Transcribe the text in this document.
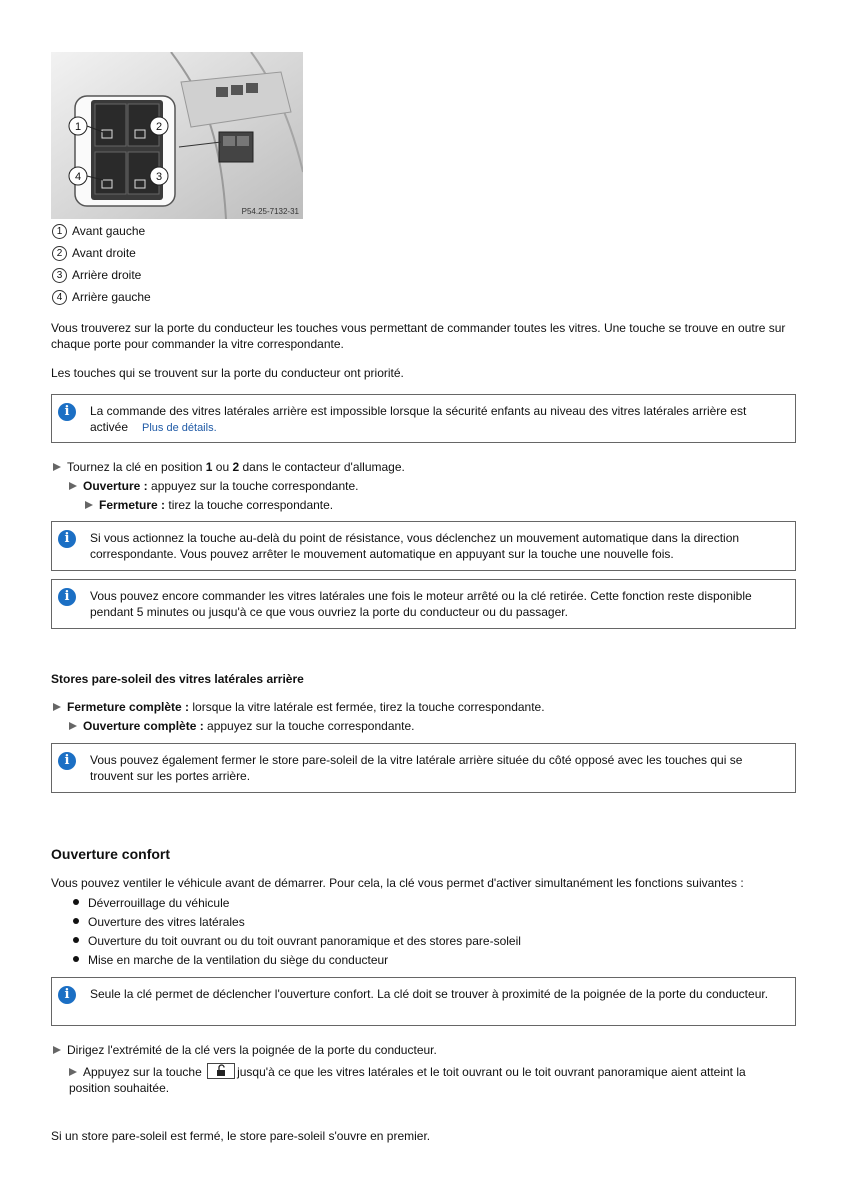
1	2
3
4
P54.25-7132-31
1 Avant gauche
2 Avant droite
3 Arrière droite
4 Arrière gauche
Vous trouverez sur la porte du conducteur les touches vous permettant de commander toutes les vitres. Une touche se trouve en outre sur chaque porte pour commander la vitre correspondante.
Les touches qui se trouvent sur la porte du conducteur ont priorité.
i	La commande des vitres latérales arrière est impossible lorsque la sécurité enfants au niveau des vitres latérales arrière est activée Plus de détails.
Tournez la clé en position 1 ou 2 dans le contacteur d'allumage.
Ouverture : appuyez sur la touche correspondante.
Fermeture : tirez la touche correspondante.
i	Si vous actionnez la touche au-delà du point de résistance, vous déclenchez un mouvement automatique dans la direction correspondante. Vous pouvez arrêter le mouvement automatique en appuyant sur la touche une nouvelle fois.
i	Vous pouvez encore commander les vitres latérales une fois le moteur arrêté ou la clé retirée. Cette fonction reste disponible pendant 5 minutes ou jusqu'à ce que vous ouvriez la porte du conducteur ou du passager.
Stores pare-soleil des vitres latérales arrière
Fermeture complète : lorsque la vitre latérale est fermée, tirez la touche correspondante.
Ouverture complète : appuyez sur la touche correspondante.
i	Vous pouvez également fermer le store pare-soleil de la vitre latérale arrière située du côté opposé avec les touches qui se trouvent sur les portes arrière.
Ouverture confort
Vous pouvez ventiler le véhicule avant de démarrer. Pour cela, la clé vous permet d'activer simultanément les fonctions suivantes :
Déverrouillage du véhicule
Ouverture des vitres latérales
Ouverture du toit ouvrant ou du toit ouvrant panoramique et des stores pare-soleil
Mise en marche de la ventilation du siège du conducteur
i	Seule la clé permet de déclencher l'ouverture confort. La clé doit se trouver à proximité de la poignée de la porte du conducteur.
Dirigez l'extrémité de la clé vers la poignée de la porte du conducteur.
Appuyez sur la touche	jusqu'à ce que les vitres latérales et le toit ouvrant ou le toit ouvrant panoramique aient atteint la position souhaitée.
Si un store pare-soleil est fermé, le store pare-soleil s'ouvre en premier.
